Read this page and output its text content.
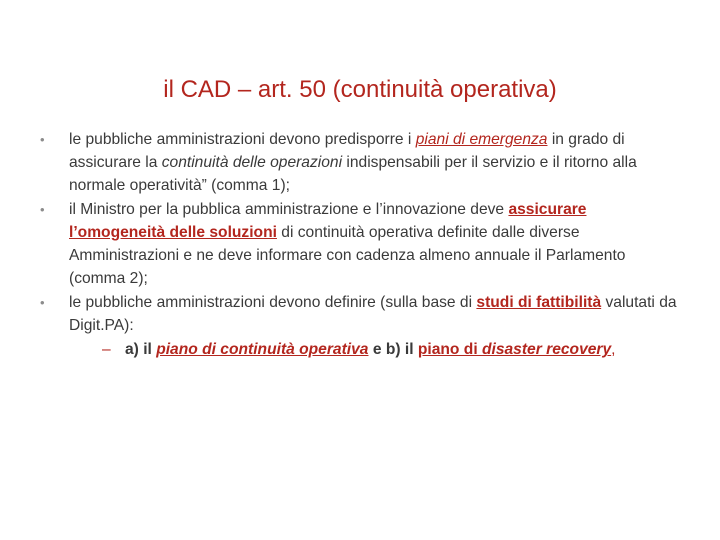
il CAD – art. 50 (continuità operativa)
• le pubbliche amministrazioni devono predisporre i piani di emergenza in grado di assicurare la continuità delle operazioni indispensabili per il servizio e il ritorno alla normale operatività” (comma 1);
• il Ministro per la pubblica amministrazione e l’innovazione deve assicurare l’omogeneità delle soluzioni di continuità operativa definite dalle diverse Amministrazioni e ne deve informare con cadenza almeno annuale il Parlamento (comma 2);
• le pubbliche amministrazioni devono definire (sulla base di studi di fattibilità valutati da Digit.PA):
– a) il piano di continuità operativa e b) il piano di disaster recovery,
